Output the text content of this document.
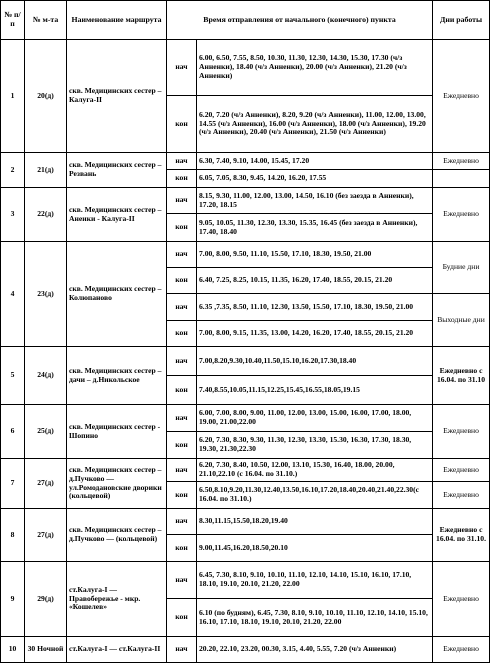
№ п/п	№ м-та	Наименование маршрута	Время отправления от начального (конечного) пункта		Дни работы
1	20(д)	скв. Медицинских сестер – Калуга-II	нач	6.00, 6.50, 7.55, 8.50, 10.30, 11.30, 12.30, 14.30, 15.30, 17.30 (ч/з Анненки), 18.40 (ч/з Анненки), 20.00 (ч/з Анненки), 21.20 (ч/з Анненки)	Ежедневно
			кон	6.20, 7.20 (ч/з Анненки), 8.20, 9.20 (ч/з Анненки), 11.00, 12.00, 13.00, 14.55 (ч/з Анненки), 16.00 (ч/з Анненки), 18.00 (ч/з Анненки), 19.20 (ч/з Анненки), 20.40 (ч/з Анненки), 21.50 (ч/з Анненки)	
2	21(д)	скв. Медицинских сестер – Резвань	нач	6.30, 7.40, 9.10, 14.00, 15.45, 17.20	Ежедневно
			кон	6.05, 7.05, 8.30, 9.45, 14.20, 16.20, 17.55	
3	22(д)	скв. Медицинских сестер – Анеики - Калуга-II	нач	8.15, 9.30, 11.00, 12.00, 13.00, 14.50, 16.10 (без заезда в Анненки), 17.20, 18.15	Ежедневно
			кон	9.05, 10.05, 11.30, 12.30, 13.30, 15.35, 16.45 (без заезда в Анненки), 17.40, 18.40	
4	23(д)	скв. Медицинских сестер – Колюпаново	нач	7.00, 8.00, 9.50, 11.10, 15.50, 17.10, 18.30, 19.50, 21.00	Будние дни
			кон	6.40, 7.25, 8.25, 10.15, 11.35, 16.20, 17.40, 18.55, 20.15, 21.20	
			нач	6.35 ,7.35, 8.50, 11.10, 12.30, 13.50, 15.50, 17.10, 18.30, 19.50, 21.00	Выходные дни
			кон	7.00, 8.00, 9.15, 11.35, 13.00, 14.20, 16.20, 17.40, 18.55, 20.15, 21.20	
5	24(д)	скв. Медицинских сестер – дачи – д.Никольское	нач	7.00,8.20,9.30,10.40,11.50,15.10,16.20,17.30,18.40	Ежедневно с 16.04. по 31.10
			кон	7.40,8.55,10.05,11.15,12.25,15.45,16.55,18.05,19.15	
6	25(д)	скв. Медицинских сестер - Шопино	нач	6.00, 7.00, 8.00, 9.00, 11.00, 12.00, 13.00, 15.00, 16.00, 17.00, 18.00, 19.00, 21.00,22.00	Ежедневно
			кон	6.20, 7.30, 8.30, 9.30, 11.30, 12.30, 13.30, 15.30, 16.30, 17.30, 18.30, 19.30, 21.30,22.30	
7	27(д)	скв. Медицинских сестер – д.Пучково — ул.Ромодановские дворики (кольцевой)	нач	6.20, 7.30, 8.40, 10.50, 12.00, 13.10, 15.30, 16.40, 18.00, 20.00, 21.10,22.10 (с 16.04. по 31.10.)	Ежедневно
			кон	6.50,8.10,9.20,11.30,12.40,13.50,16.10,17.20,18.40,20.40,21.40,22.30(с 16.04. по 31.10.)	Ежедневно
8	27(д)	скв. Медицинских сестер – д.Пучково — (кольцевой)	нач	8.30,11.15,15.50,18.20,19.40	Ежедневно с 16.04. по 31.10.
			кон	9.00,11.45,16.20,18.50,20.10	
9	29(д)	ст.Калуга-I — Правобережье - мкр. «Кошелев»	нач	6.45, 7.30, 8.10, 9.10, 10.10, 11.10, 12.10, 14.10, 15.10, 16.10, 17.10, 18.10, 19.10, 20.10, 21.20, 22.00	Ежедневно
			кон	6.10 (по будням), 6.45, 7.30, 8.10, 9.10, 10.10, 11.10, 12.10, 14.10, 15.10, 16.10, 17.10, 18.10, 19.10, 20.10, 21.20, 22.00	
10	30 Ночной	ст.Калуга-I — ст.Калуга-II	нач	20.20, 22.10, 23.20, 00.30, 3.15, 4.40, 5.55, 7.20 (ч/з Анненки)	Ежедневно
